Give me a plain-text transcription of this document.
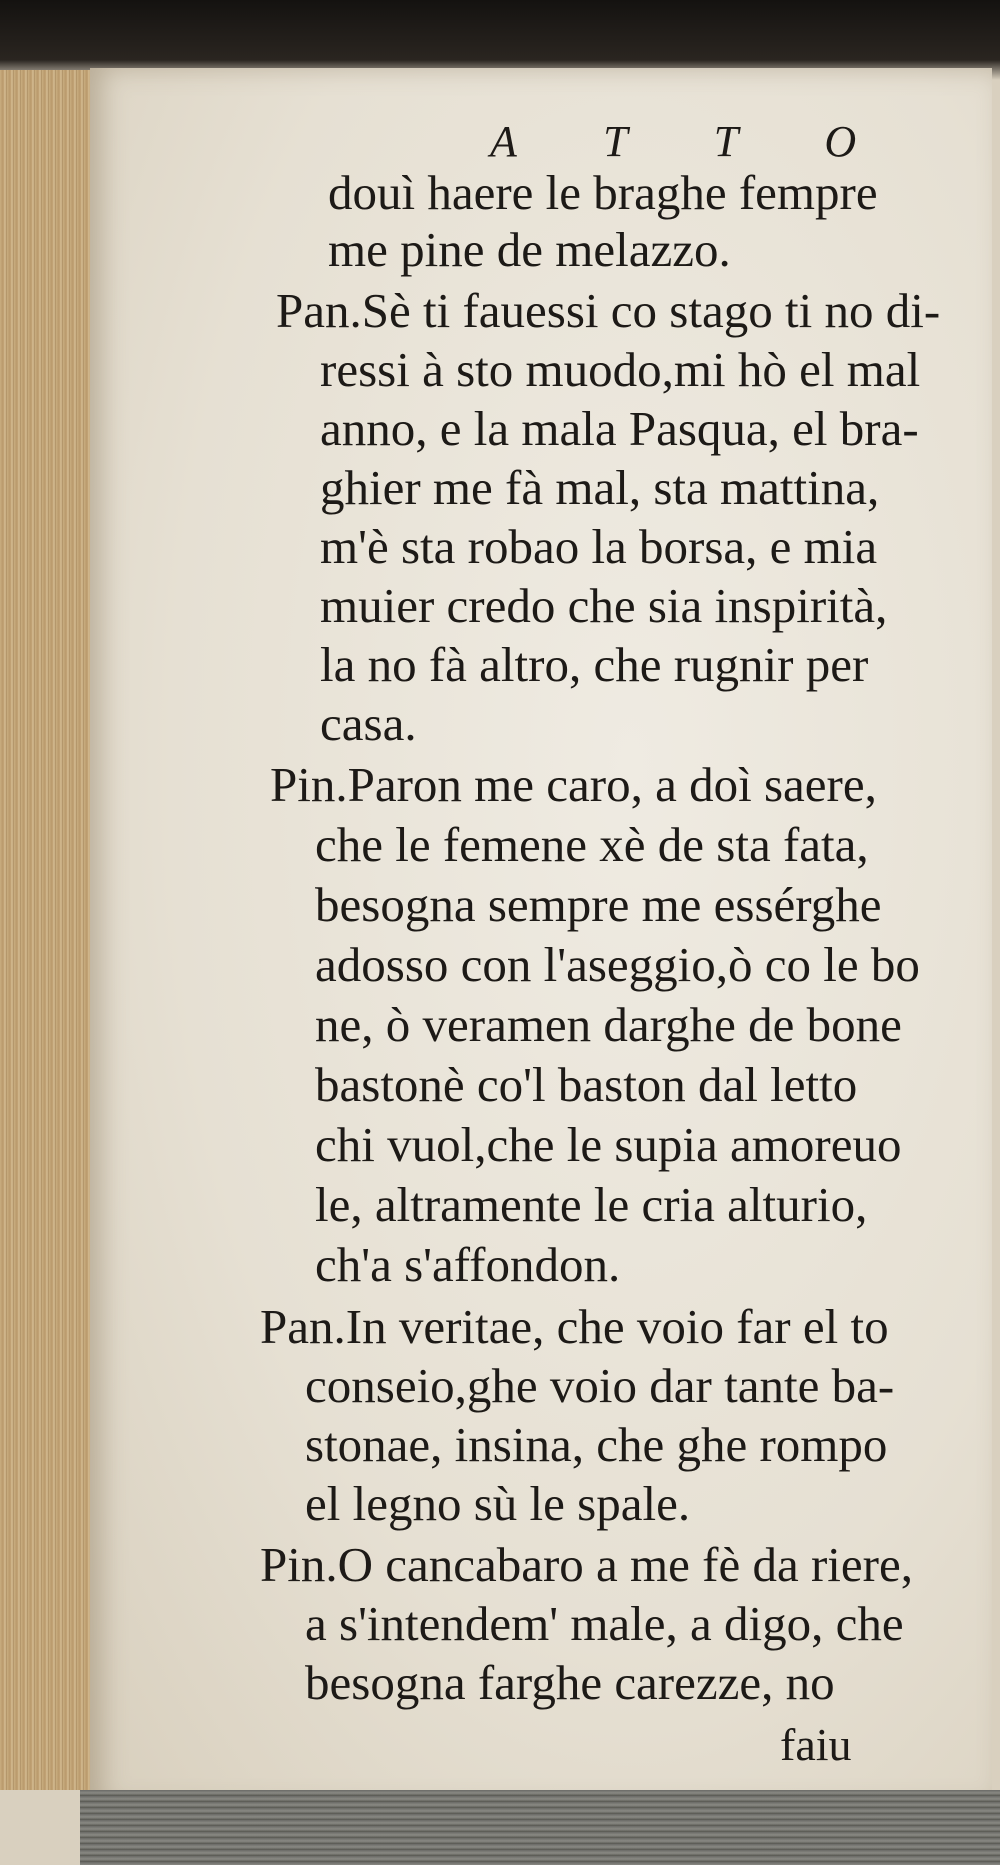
A T T O
douì haere le braghe fempre
me pine de melazzo.
Pan.Sè ti fauessi co stago ti no di-
ressi à sto muodo,mi hò el mal
anno, e la mala Pasqua, el bra-
ghier me fà mal, sta mattina,
m'è sta robao la borsa, e mia
muier credo che sia inspirità,
la no fà altro, che rugnir per
casa.
Pin.Paron me caro, a doì saere,
che le femene xè de sta fata,
besogna sempre me essérghe
adosso con l'aseggio,ò co le bo
ne, ò veramen darghe de bone
bastonè co'l baston dal letto
chi vuol,che le supia amoreuo
le, altramente le cria alturio,
ch'a s'affondon.
Pan.In veritae, che voio far el to
conseio,ghe voio dar tante ba-
stonae, insina, che ghe rompo
el legno sù le spale.
Pin.O cancabaro a me fè da riere,
a s'intendem' male, a digo, che
besogna farghe carezze, no
faiu
